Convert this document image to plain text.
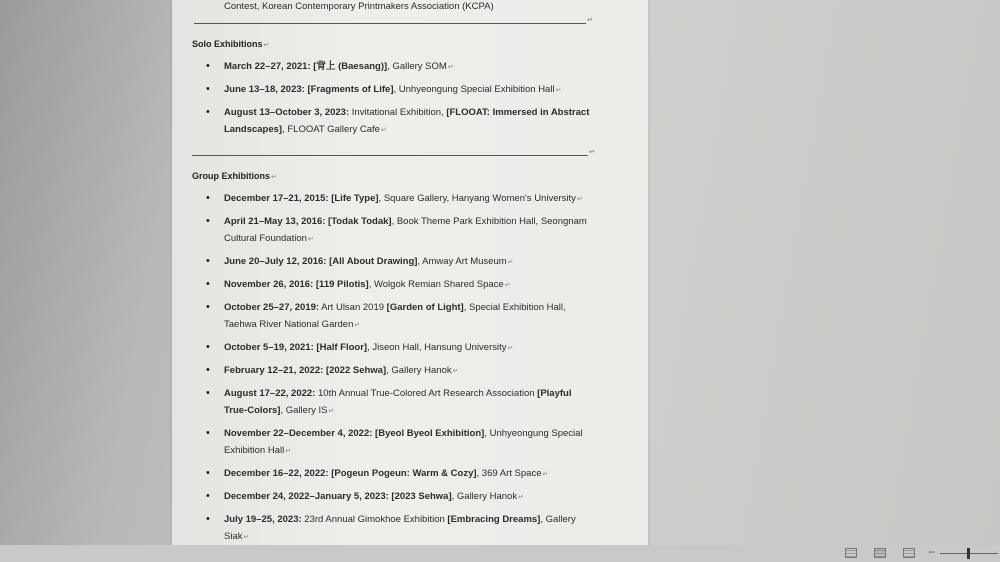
Contest, Korean Contemporary Printmakers Association (KCPA)
↵
Solo Exhibitions↵
• March 22–27, 2021: [背上 (Baesang)], Gallery SOM↵
• June 13–18, 2023: [Fragments of Life], Unhyeongung Special Exhibition Hall↵
• August 13–October 3, 2023: Invitational Exhibition, [FLOOAT: Immersed in Abstract Landscapes], FLOOAT Gallery Cafe↵
↵
Group Exhibitions↵
• December 17–21, 2015: [Life Type], Square Gallery, Hanyang Women's University↵
• April 21–May 13, 2016: [Todak Todak], Book Theme Park Exhibition Hall, Seongnam Cultural Foundation↵
• June 20–July 12, 2016: [All About Drawing], Amway Art Museum↵
• November 26, 2016: [119 Pilotis], Wolgok Remian Shared Space↵
• October 25–27, 2019: Art Ulsan 2019 [Garden of Light], Special Exhibition Hall, Taehwa River National Garden↵
• October 5–19, 2021: [Half Floor], Jiseon Hall, Hansung University↵
• February 12–21, 2022: [2022 Sehwa], Gallery Hanok↵
• August 17–22, 2022: 10th Annual True-Colored Art Research Association [Playful True-Colors], Gallery IS↵
• November 22–December 4, 2022: [Byeol Byeol Exhibition], Unhyeongung Special Exhibition Hall↵
• December 16–22, 2022: [Pogeun Pogeun: Warm & Cozy], 369 Art Space↵
• December 24, 2022–January 5, 2023: [2023 Sehwa], Gallery Hanok↵
• July 19–25, 2023: 23rd Annual Gimokhoe Exhibition [Embracing Dreams], Gallery Siak↵
−
